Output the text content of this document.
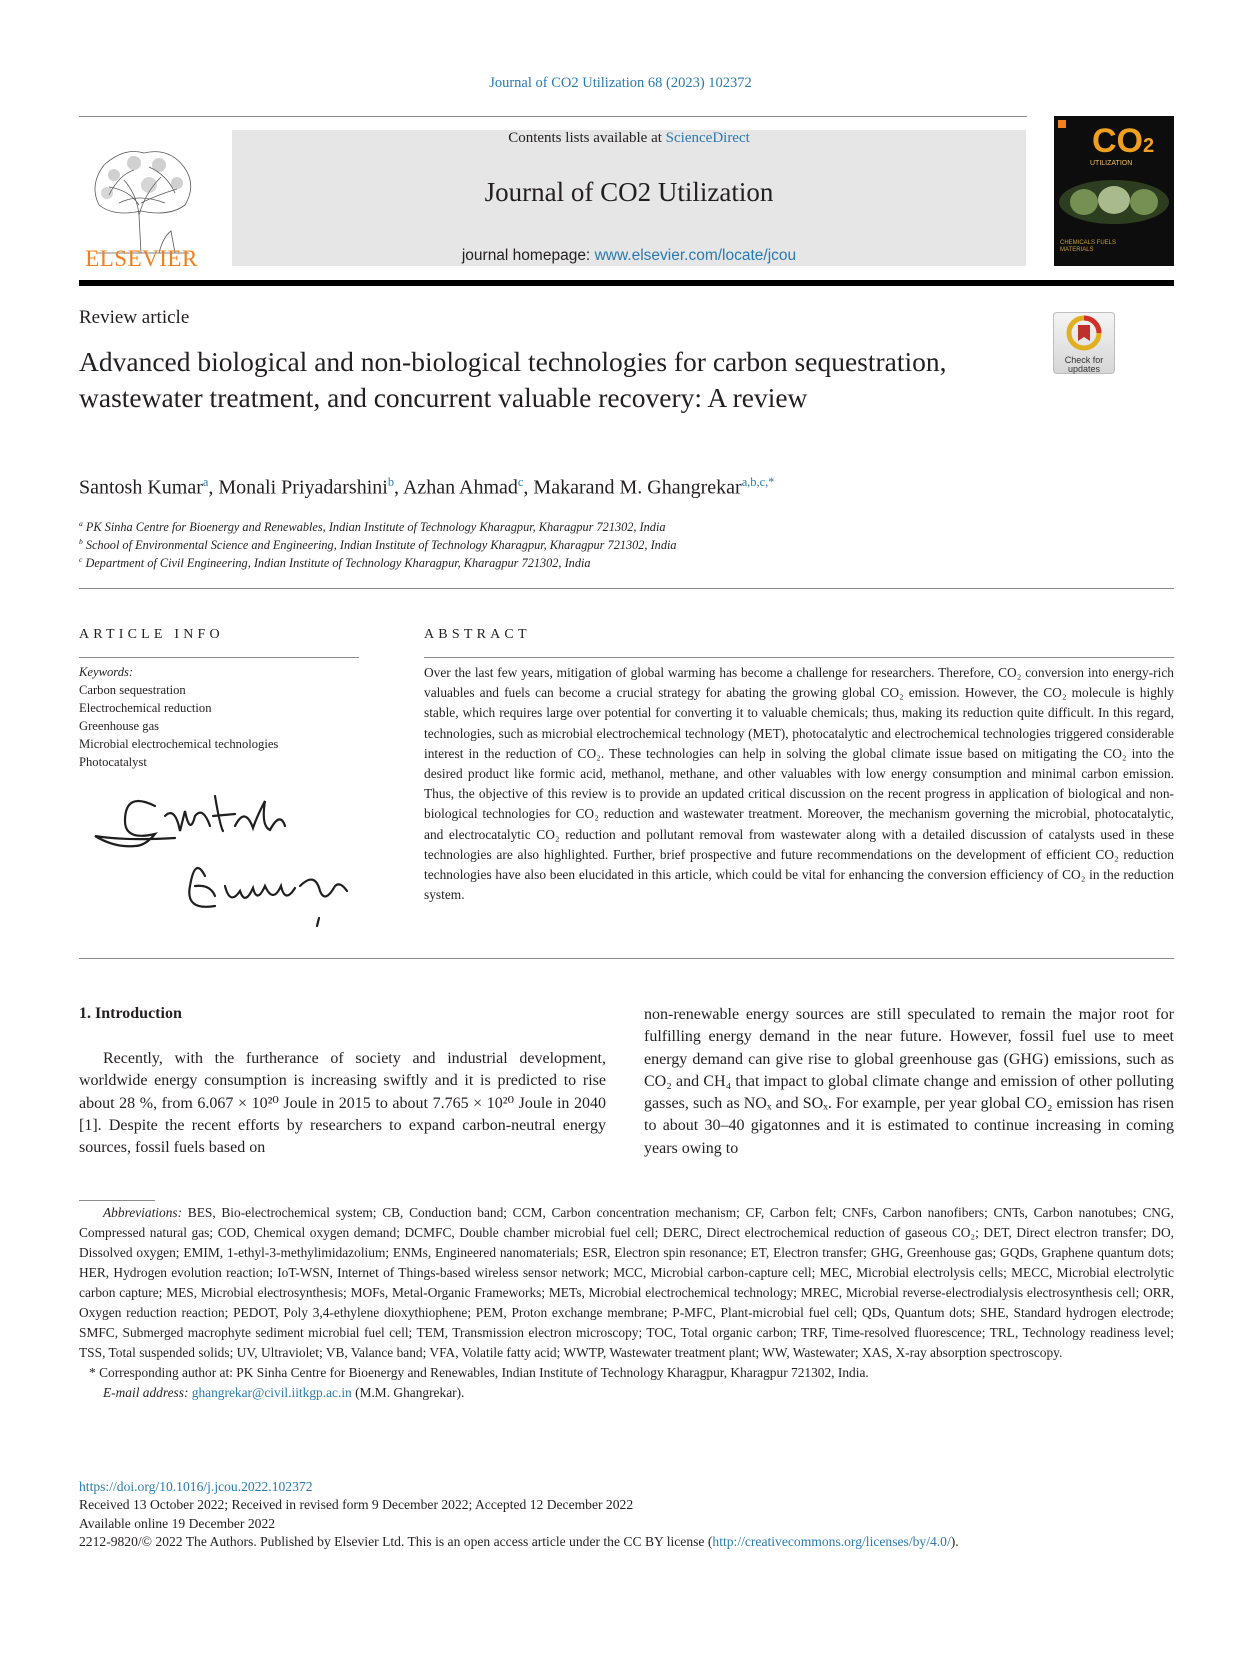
Journal of CO2 Utilization 68 (2023) 102372
ELSEVIER
Contents lists available at ScienceDirect
Journal of CO2 Utilization
journal homepage: www.elsevier.com/locate/jcou
CO2
UTILIZATION
CHEMICALS FUELS MATERIALS
Review article
Check for updates
Advanced biological and non-biological technologies for carbon sequestration, wastewater treatment, and concurrent valuable recovery: A review
Santosh Kumar$^a$, Monali Priyadarshini$^b$, Azhan Ahmad$^c$, Makarand M. Ghangrekar$^{a,b,c,*}$
$^a$ PK Sinha Centre for Bioenergy and Renewables, Indian Institute of Technology Kharagpur, Kharagpur 721302, India
$^b$ School of Environmental Science and Engineering, Indian Institute of Technology Kharagpur, Kharagpur 721302, India
$^c$ Department of Civil Engineering, Indian Institute of Technology Kharagpur, Kharagpur 721302, India
ARTICLE INFO	ABSTRACT
Keywords:
Carbon sequestration
Electrochemical reduction
Greenhouse gas
Microbial electrochemical technologies
Photocatalyst
Over the last few years, mitigation of global warming has become a challenge for researchers. Therefore, CO₂ conversion into energy-rich valuables and fuels can become a crucial strategy for abating the growing global CO₂ emission. However, the CO₂ molecule is highly stable, which requires large over potential for converting it to valuable chemicals; thus, making its reduction quite difficult. In this regard, technologies, such as microbial electrochemical technology (MET), photocatalytic and electrochemical technologies triggered considerable interest in the reduction of CO₂. These technologies can help in solving the global climate issue based on mitigating the CO₂ into the desired product like formic acid, methanol, methane, and other valuables with low energy consumption and minimal carbon emission. Thus, the objective of this review is to provide an updated critical discussion on the recent progress in application of biological and non-biological technologies for CO₂ reduction and wastewater treatment. Moreover, the mechanism governing the microbial, photocatalytic, and electrocatalytic CO₂ reduction and pollutant removal from wastewater along with a detailed discussion of catalysts used in these technologies are also highlighted. Further, brief prospective and future recommendations on the development of efficient CO₂ reduction technologies have also been elucidated in this article, which could be vital for enhancing the conversion efficiency of CO₂ in the reduction system.
1. Introduction
Recently, with the furtherance of society and industrial development, worldwide energy consumption is increasing swiftly and it is predicted to rise about 28 %, from 6.067 × 10²⁰ Joule in 2015 to about 7.765 × 10²⁰ Joule in 2040 [1]. Despite the recent efforts by researchers to expand carbon-neutral energy sources, fossil fuels based on
non-renewable energy sources are still speculated to remain the major root for fulfilling energy demand in the near future. However, fossil fuel use to meet energy demand can give rise to global greenhouse gas (GHG) emissions, such as CO₂ and CH₄ that impact to global climate change and emission of other polluting gasses, such as NOₓ and SOₓ. For example, per year global CO₂ emission has risen to about 30–40 gigatonnes and it is estimated to continue increasing in coming years owing to
Abbreviations: BES, Bio-electrochemical system; CB, Conduction band; CCM, Carbon concentration mechanism; CF, Carbon felt; CNFs, Carbon nanofibers; CNTs, Carbon nanotubes; CNG, Compressed natural gas; COD, Chemical oxygen demand; DCMFC, Double chamber microbial fuel cell; DERC, Direct electrochemical reduction of gaseous CO₂; DET, Direct electron transfer; DO, Dissolved oxygen; EMIM, 1-ethyl-3-methylimidazolium; ENMs, Engineered nanomaterials; ESR, Electron spin resonance; ET, Electron transfer; GHG, Greenhouse gas; GQDs, Graphene quantum dots; HER, Hydrogen evolution reaction; IoT-WSN, Internet of Things-based wireless sensor network; MCC, Microbial carbon-capture cell; MEC, Microbial electrolysis cells; MECC, Microbial electrolytic carbon capture; MES, Microbial electrosynthesis; MOFs, Metal-Organic Frameworks; METs, Microbial electrochemical technology; MREC, Microbial reverse-electrodialysis electrosynthesis cell; ORR, Oxygen reduction reaction; PEDOT, Poly 3,4-ethylene dioxythiophene; PEM, Proton exchange membrane; P-MFC, Plant-microbial fuel cell; QDs, Quantum dots; SHE, Standard hydrogen electrode; SMFC, Submerged macrophyte sediment microbial fuel cell; TEM, Transmission electron microscopy; TOC, Total organic carbon; TRF, Time-resolved fluorescence; TRL, Technology readiness level; TSS, Total suspended solids; UV, Ultraviolet; VB, Valance band; VFA, Volatile fatty acid; WWTP, Wastewater treatment plant; WW, Wastewater; XAS, X-ray absorption spectroscopy.
* Corresponding author at: PK Sinha Centre for Bioenergy and Renewables, Indian Institute of Technology Kharagpur, Kharagpur 721302, India.
E-mail address: ghangrekar@civil.iitkgp.ac.in (M.M. Ghangrekar).
https://doi.org/10.1016/j.jcou.2022.102372
Received 13 October 2022; Received in revised form 9 December 2022; Accepted 12 December 2022
Available online 19 December 2022
2212-9820/© 2022 The Authors. Published by Elsevier Ltd. This is an open access article under the CC BY license (http://creativecommons.org/licenses/by/4.0/).
